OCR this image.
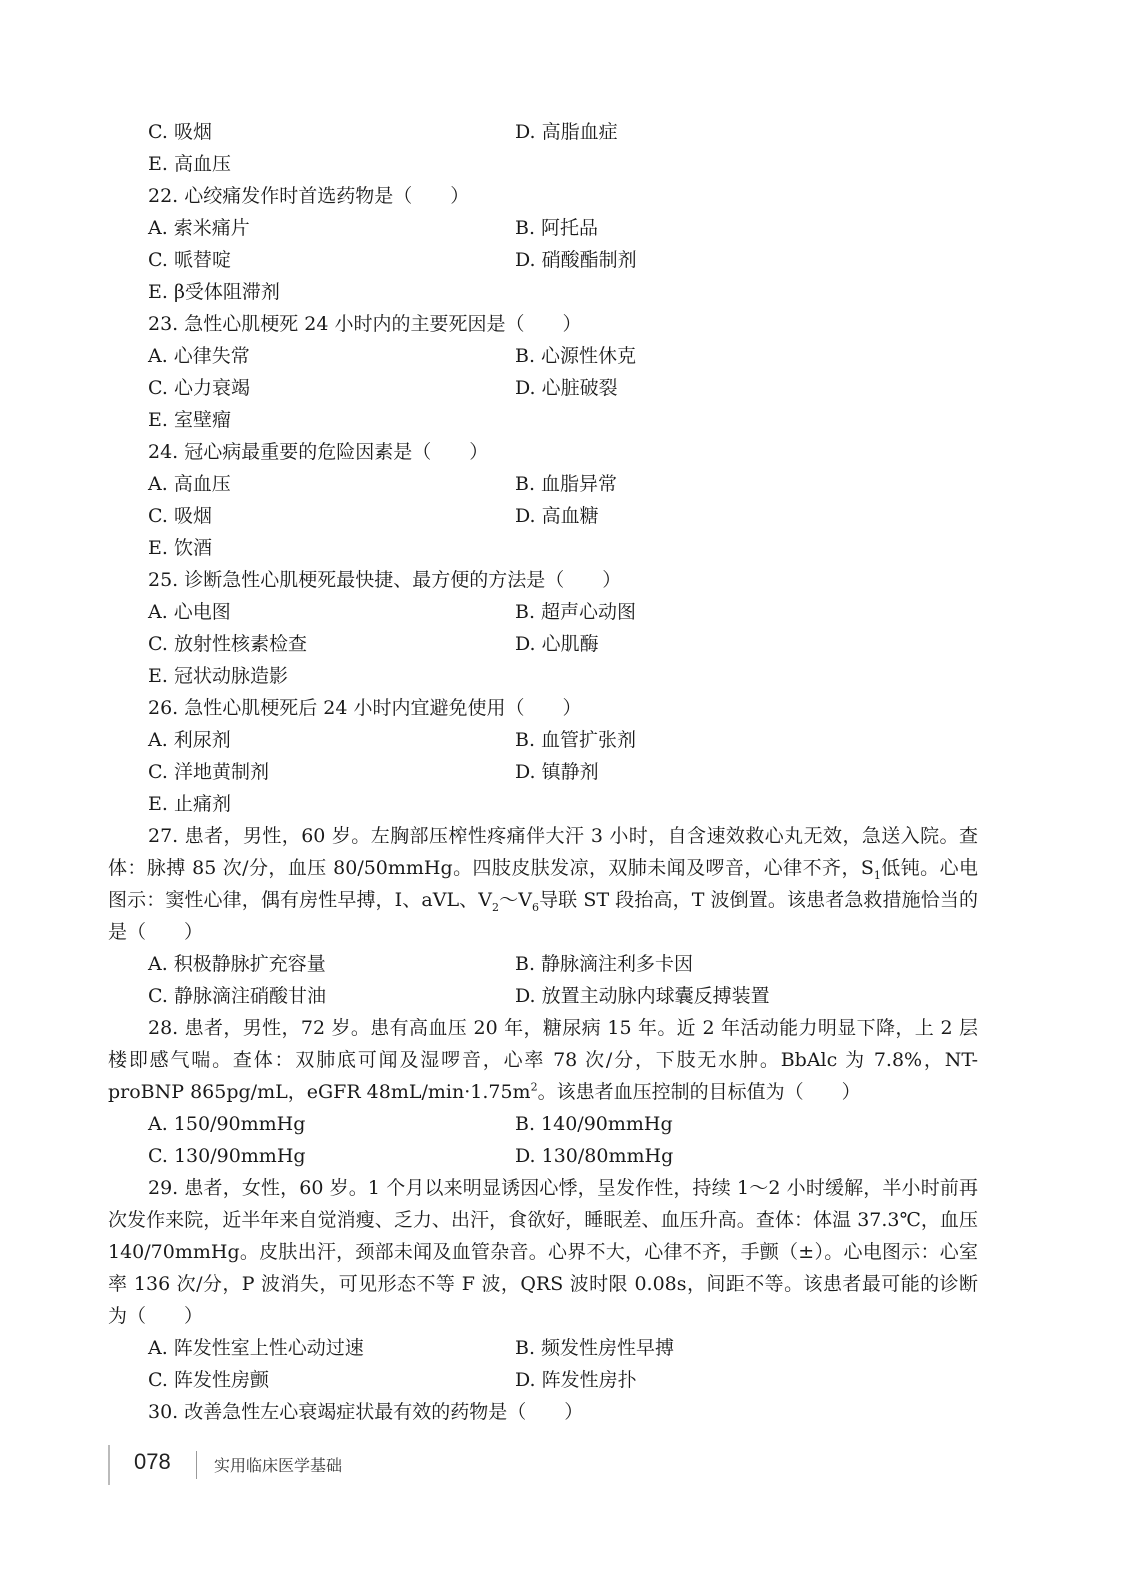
C. 吸烟	D. 高脂血症
E. 高血压
22. 心绞痛发作时首选药物是（　　）
A. 索米痛片	B. 阿托品
C. 哌替啶	D. 硝酸酯制剂
E. β受体阻滞剂
23. 急性心肌梗死 24 小时内的主要死因是（　　）
A. 心律失常	B. 心源性休克
C. 心力衰竭	D. 心脏破裂
E. 室壁瘤
24. 冠心病最重要的危险因素是（　　）
A. 高血压	B. 血脂异常
C. 吸烟	D. 高血糖
E. 饮酒
25. 诊断急性心肌梗死最快捷、最方便的方法是（　　）
A. 心电图	B. 超声心动图
C. 放射性核素检查	D. 心肌酶
E. 冠状动脉造影
26. 急性心肌梗死后 24 小时内宜避免使用（　　）
A. 利尿剂	B. 血管扩张剂
C. 洋地黄制剂	D. 镇静剂
E. 止痛剂

27. 患者，男性，60 岁。左胸部压榨性疼痛伴大汗 3 小时，自含速效救心丸无效，急送入院。查体：脉搏 85 次/分，血压 80/50mmHg。四肢皮肤发凉，双肺未闻及啰音，心律不齐，$S_1$低钝。心电图示：窦性心律，偶有房性早搏，Ⅰ、aVL、$V_2\sim V_6$导联 ST 段抬高，T 波倒置。该患者急救措施恰当的是（　　）

A. 积极静脉扩充容量	B. 静脉滴注利多卡因
C. 静脉滴注硝酸甘油	D. 放置主动脉内球囊反搏装置

28. 患者，男性，72 岁。患有高血压 20 年，糖尿病 15 年。近 2 年活动能力明显下降，上 2 层楼即感气喘。查体：双肺底可闻及湿啰音，心率 78 次/分，下肢无水肿。BbAlc 为 7.8%，NT-proBNP 865pg/mL，eGFR $48mL/\min\cdot 1.75m^2$。该患者血压控制的目标值为（　　）

A. 150/90mmHg	B. 140/90mmHg
C. 130/90mmHg	D. 130/80mmHg

29. 患者，女性，60 岁。1 个月以来明显诱因心悸，呈发作性，持续 1～2 小时缓解，半小时前再次发作来院，近半年来自觉消瘦、乏力、出汗，食欲好，睡眠差、血压升高。查体：体温 37.3℃，血压 140/70mmHg。皮肤出汗，颈部未闻及血管杂音。心界不大，心律不齐，手颤（±）。心电图示：心室率 136 次/分，P 波消失，可见形态不等 F 波，QRS 波时限 0.08s，间距不等。该患者最可能的诊断为（　　）

A. 阵发性室上性心动过速	B. 频发性房性早搏
C. 阵发性房颤	D. 阵发性房扑
30. 改善急性左心衰竭症状最有效的药物是（　　）
078	实用临床医学基础
